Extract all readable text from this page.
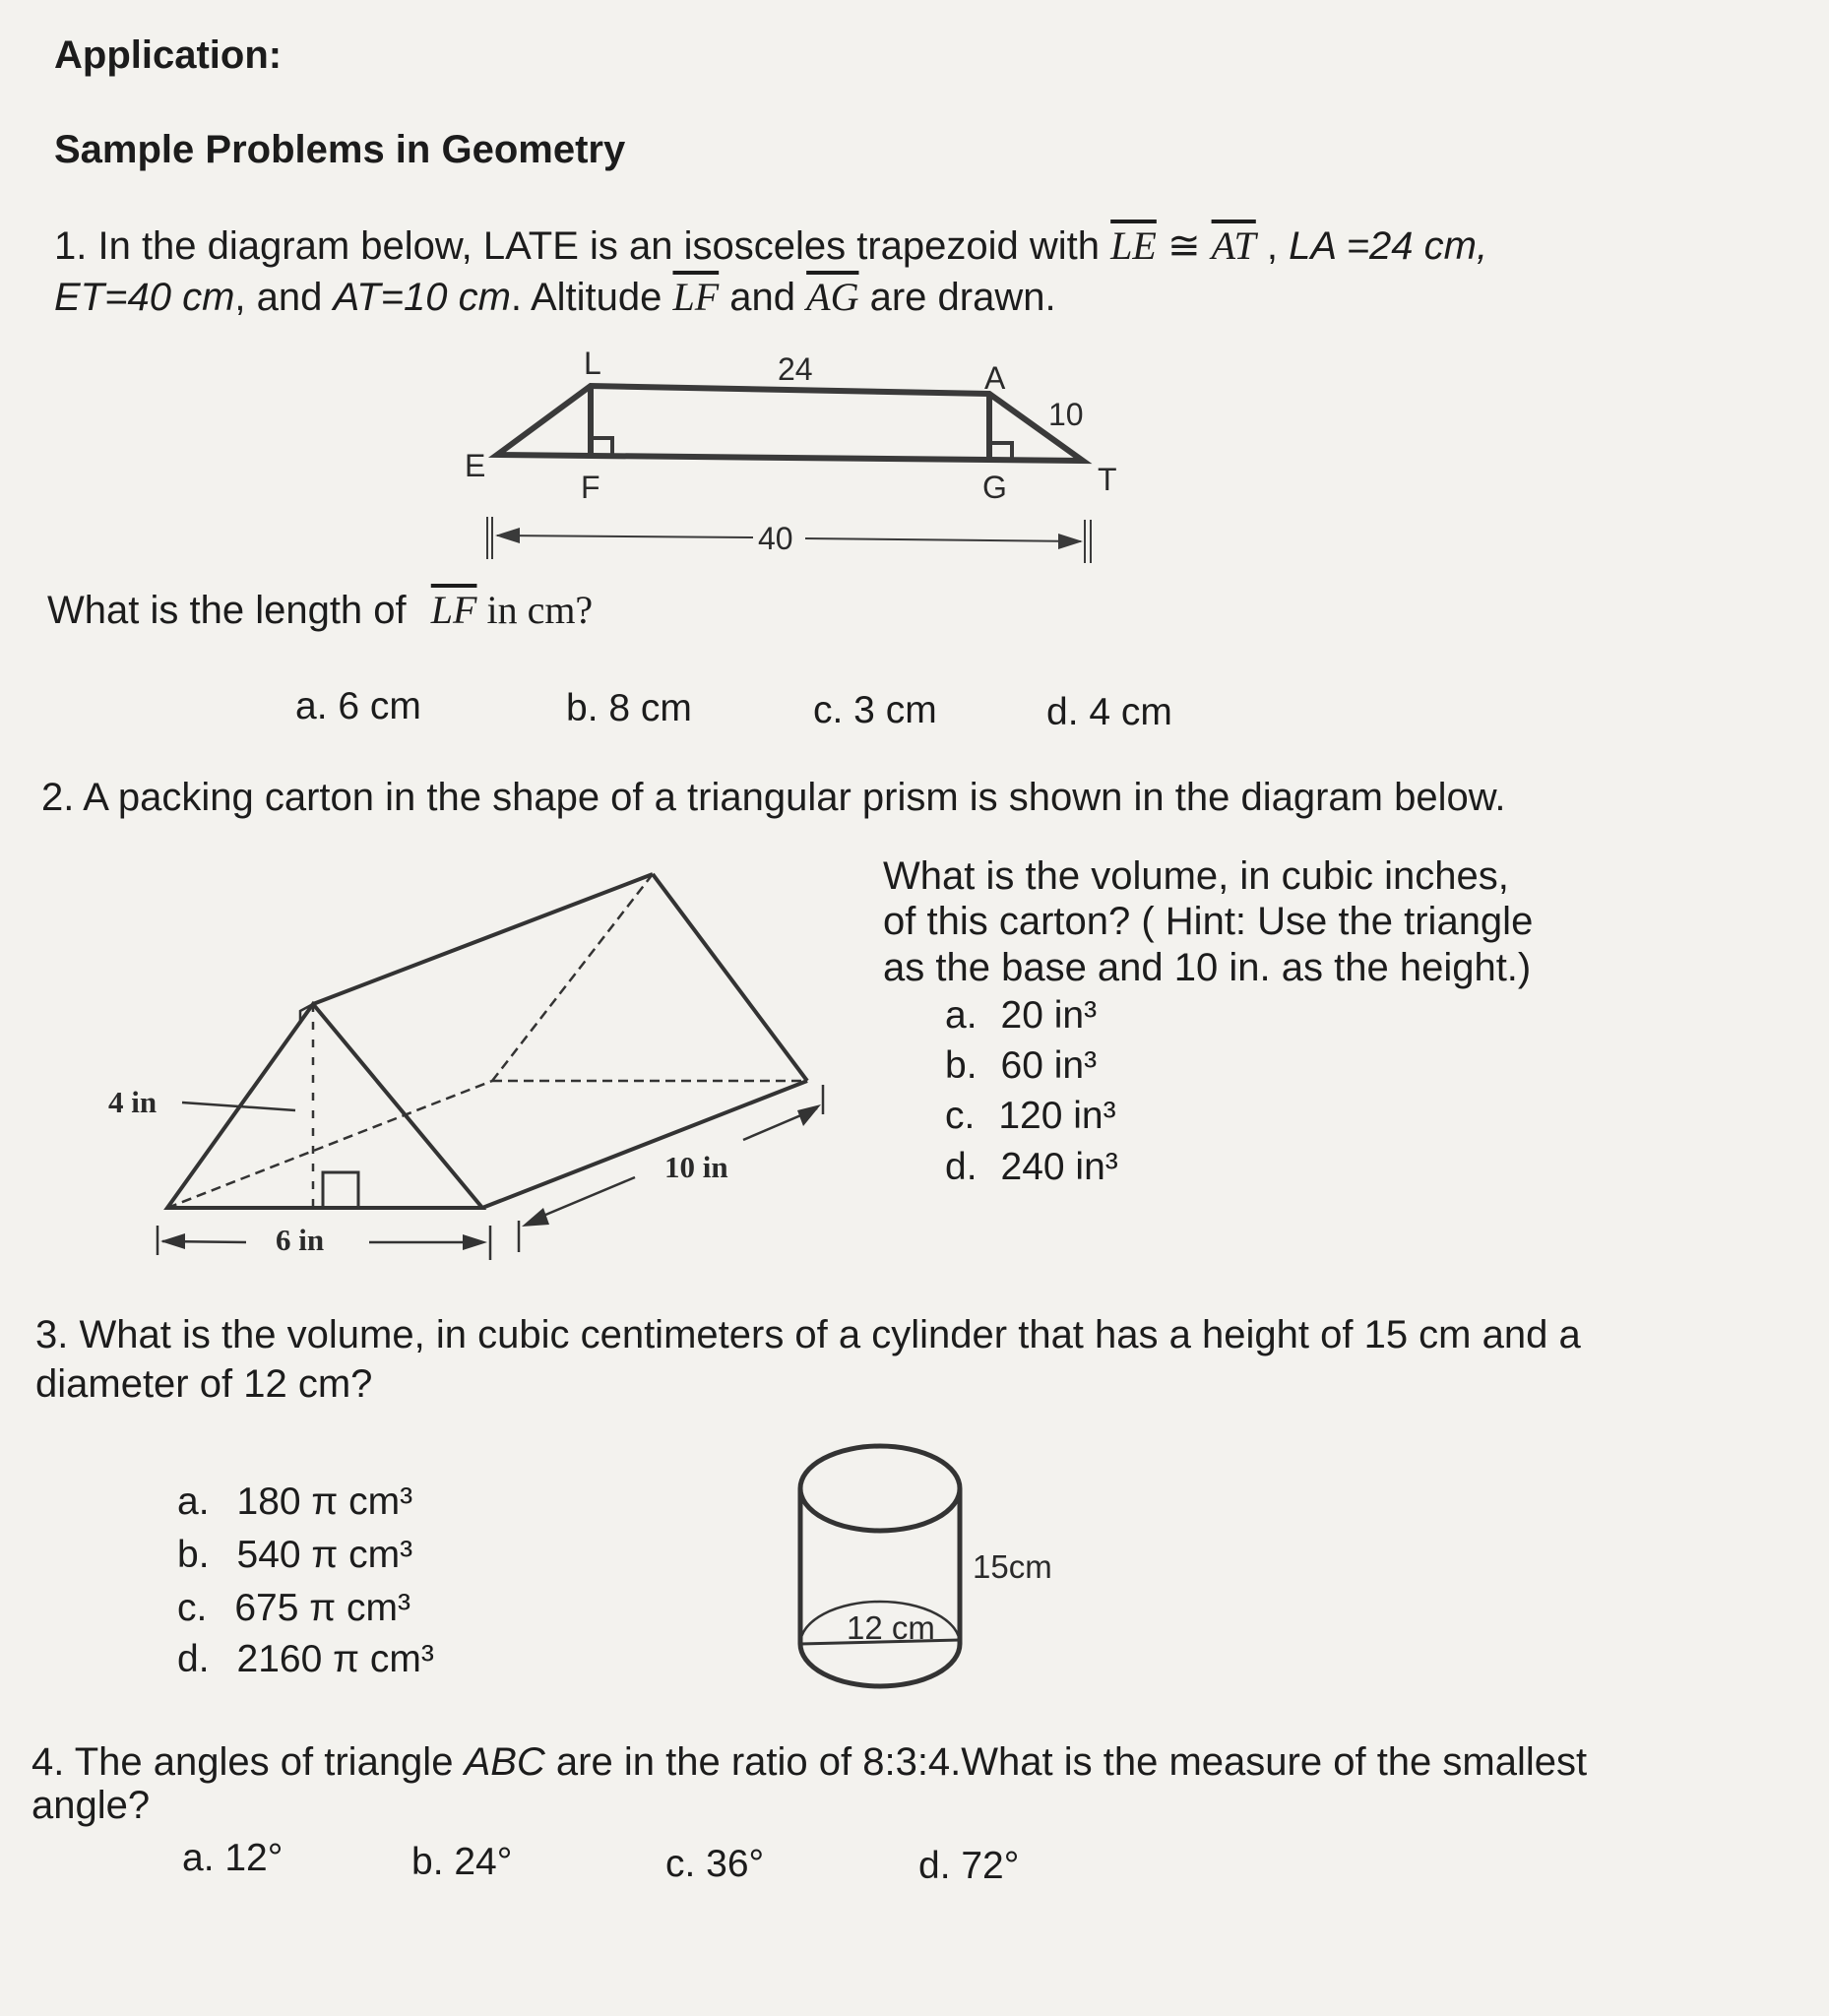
Application:
Sample Problems in Geometry
1. In the diagram below, LATE is an isosceles trapezoid with $\overline{LE}$ ≅ $\overline{AT}$ , LA =24 cm,
ET=40 cm, and AT=10 cm. Altitude $\overline{LF}$ and $\overline{AG}$ are drawn.
L	24	A
10
E
F	G	T
40
What is the length of $\overline{LF}$ in cm?
a. 6 cm	b. 8 cm	c. 3 cm	d. 4 cm
2. A packing carton in the shape of a triangular prism is shown in the diagram below.
4 in
6 in
10 in
What is the volume, in cubic inches,
of this carton? ( Hint: Use the triangle
as the base and 10 in. as the height.)
a. 20 in³
b. 60 in³
c. 120 in³
d. 240 in³
3. What is the volume, in cubic centimeters of a cylinder that has a height of 15 cm and a
diameter of 12 cm?
a. 180 π cm³
b. 540 π cm³
c. 675 π cm³
d. 2160 π cm³
15cm
12 cm
4. The angles of triangle ABC are in the ratio of 8:3:4.What is the measure of the smallest
angle?
a. 12°	b. 24°	c. 36°	d. 72°
